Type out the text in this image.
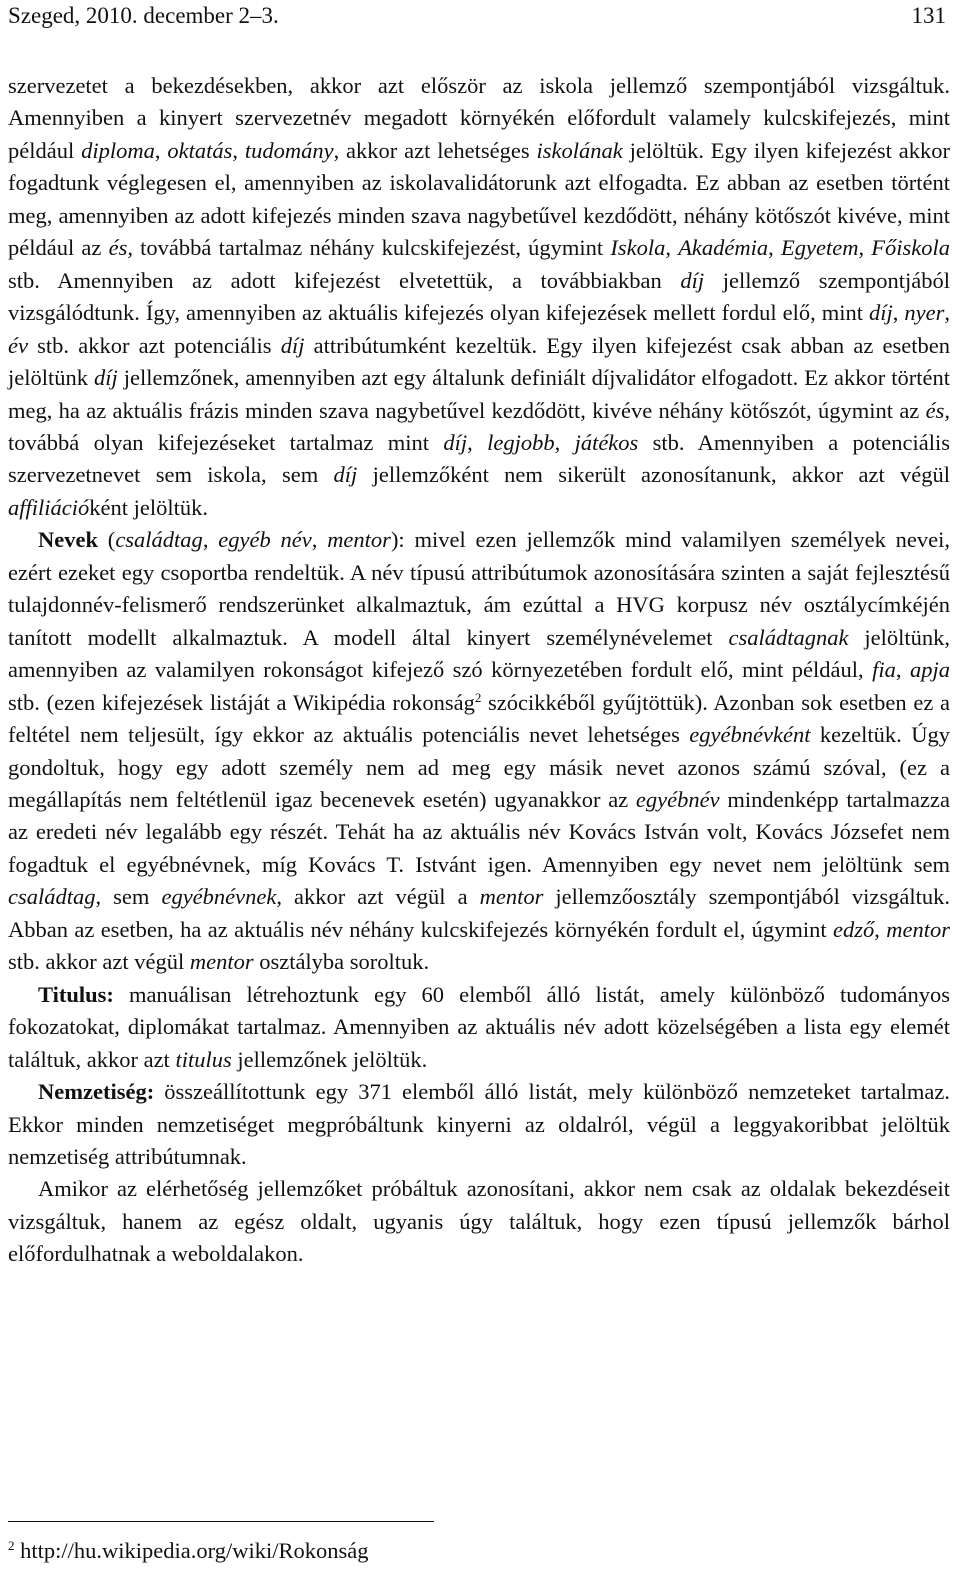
Szeged, 2010. december 2–3.	131

szervezetet a bekezdésekben, akkor azt először az iskola jellemző szempontjából vizsgáltuk. Amennyiben a kinyert szervezetnév megadott környékén előfordult valamely kulcskifejezés, mint például diploma, oktatás, tudomány, akkor azt lehetséges iskolának jelöltük. Egy ilyen kifejezést akkor fogadtunk véglegesen el, amennyiben az iskolavalidátorunk azt elfogadta. Ez abban az esetben történt meg, amennyiben az adott kifejezés minden szava nagybetűvel kezdődött, néhány kötőszót kivéve, mint például az és, továbbá tartalmaz néhány kulcskifejezést, úgymint Iskola, Akadémia, Egyetem, Főiskola stb. Amennyiben az adott kifejezést elvetettük, a továbbiakban díj jellemző szempontjából vizsgálódtunk. Így, amennyiben az aktuális kifejezés olyan kifejezések mellett fordul elő, mint díj, nyer, év stb. akkor azt potenciális díj attribútumként kezeltük. Egy ilyen kifejezést csak abban az esetben jelöltünk díj jellemzőnek, amennyiben azt egy általunk definiált díjvalidátor elfogadott. Ez akkor történt meg, ha az aktuális frázis minden szava nagybetűvel kezdődött, kivéve néhány kötőszót, úgymint az és, továbbá olyan kifejezéseket tartalmaz mint díj, legjobb, játékos stb. Amennyiben a potenciális szervezetnevet sem iskola, sem díj jellemzőként nem sikerült azonosítanunk, akkor azt végül affiliációként jelöltük.

Nevek (családtag, egyéb név, mentor): mivel ezen jellemzők mind valamilyen személyek nevei, ezért ezeket egy csoportba rendeltük. A név típusú attribútumok azonosítására szinten a saját fejlesztésű tulajdonnév-felismerő rendszerünket alkalmaztuk, ám ezúttal a HVG korpusz név osztálycímkéjén tanított modellt alkalmaztuk. A modell által kinyert személynévelemet családtagnak jelöltünk, amennyiben az valamilyen rokonságot kifejező szó környezetében fordult elő, mint például, fia, apja stb. (ezen kifejezések listáját a Wikipédia rokonság$^2$ szócikkéből gyűjtöttük). Azonban sok esetben ez a feltétel nem teljesült, így ekkor az aktuális potenciális nevet lehetséges egyébnévként kezeltük. Úgy gondoltuk, hogy egy adott személy nem ad meg egy másik nevet azonos számú szóval, (ez a megállapítás nem feltétlenül igaz becenevek esetén) ugyanakkor az egyébnév mindenképp tartalmazza az eredeti név legalább egy részét. Tehát ha az aktuális név Kovács István volt, Kovács Józsefet nem fogadtuk el egyébnévnek, míg Kovács T. Istvánt igen. Amennyiben egy nevet nem jelöltünk sem családtag, sem egyébnévnek, akkor azt végül a mentor jellemzőosztály szempontjából vizsgáltuk. Abban az esetben, ha az aktuális név néhány kulcskifejezés környékén fordult el, úgymint edző, mentor stb. akkor azt végül mentor osztályba soroltuk.

Titulus: manuálisan létrehoztunk egy 60 elemből álló listát, amely különböző tudományos fokozatokat, diplomákat tartalmaz. Amennyiben az aktuális név adott közelségében a lista egy elemét találtuk, akkor azt titulus jellemzőnek jelöltük.

Nemzetiség: összeállítottunk egy 371 elemből álló listát, mely különböző nemzeteket tartalmaz. Ekkor minden nemzetiséget megpróbáltunk kinyerni az oldalról, végül a leggyakoribbat jelöltük nemzetiség attribútumnak.

Amikor az elérhetőség jellemzőket próbáltuk azonosítani, akkor nem csak az oldalak bekezdéseit vizsgáltuk, hanem az egész oldalt, ugyanis úgy találtuk, hogy ezen típusú jellemzők bárhol előfordulhatnak a weboldalakon.

$^2$ http://hu.wikipedia.org/wiki/Rokonság
